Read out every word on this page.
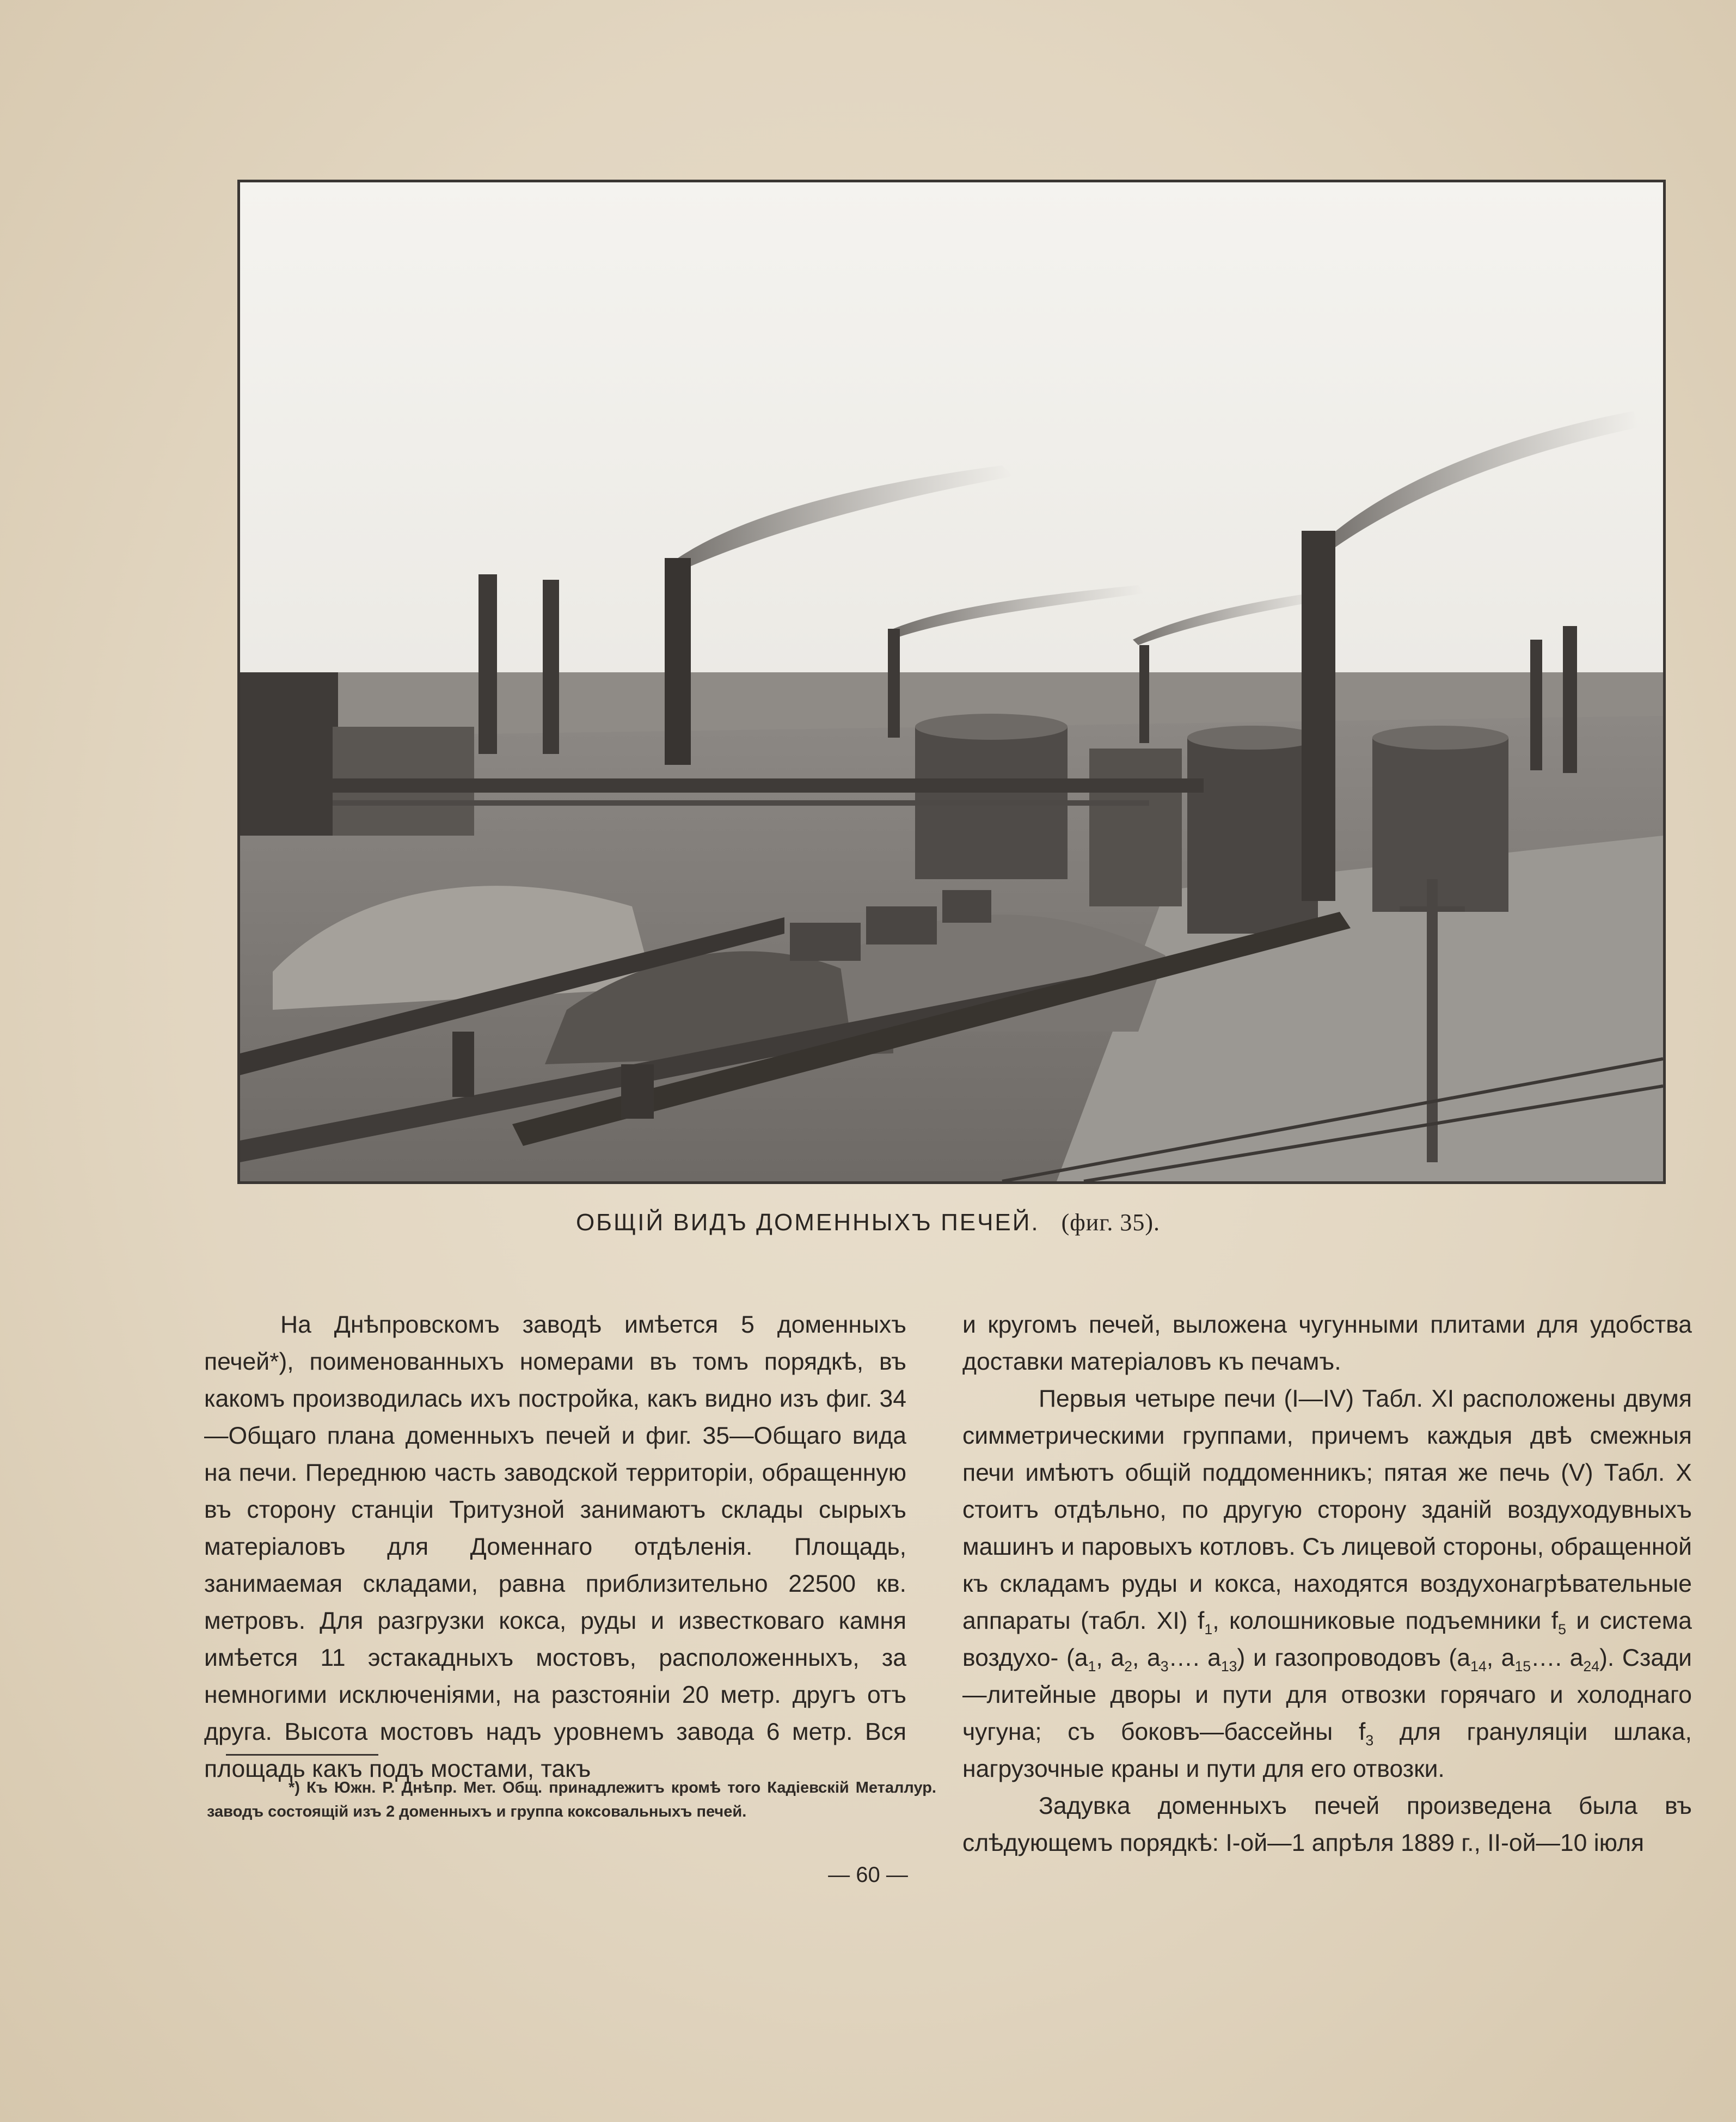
ОБЩІЙ ВИДЪ ДОМЕННЫХЪ ПЕЧЕЙ. (фиг. 35).

На Днѣпровскомъ заводѣ имѣется 5 доменныхъ печей*), поименованныхъ номерами въ томъ порядкѣ, въ какомъ производилась ихъ постройка, какъ видно изъ фиг. 34—Общаго плана доменныхъ печей и фиг. 35—Общаго вида на печи. Переднюю часть заводской территоріи, обращенную въ сторону станціи Тритузной занимаютъ склады сырыхъ матеріаловъ для Доменнаго отдѣленія. Площадь, занимаемая складами, равна приблизительно 22500 кв. метровъ. Для разгрузки кокса, руды и известковаго камня имѣется 11 эстакадныхъ мостовъ, расположенныхъ, за немногими исключеніями, на разстояніи 20 метр. другъ отъ друга. Высота мостовъ надъ уровнемъ завода 6 метр. Вся площадь какъ подъ мостами, такъ

и кругомъ печей, выложена чугунными плитами для удобства доставки матеріаловъ къ печамъ.

Первыя четыре печи (I—IV) Табл. XI расположены двумя симметрическими группами, причемъ каждыя двѣ смежныя печи имѣютъ общій поддоменникъ; пятая же печь (V) Табл. X стоитъ отдѣльно, по другую сторону зданій воздуходувныхъ машинъ и паровыхъ котловъ. Съ лицевой стороны, обращенной къ складамъ руды и кокса, находятся воздухонагрѣвательные аппараты (табл. XI) $f_1$, колошниковые подъемники $f_5$ и система воздухо- ($a_1$, $a_2$, $a_3\dots$. $a_{13}$) и газопроводовъ ($a_{14}$, $a_{15}\dots$. $a_{24}$). Сзади—литейные дворы и пути для отвозки горячаго и холоднаго чугуна; съ боковъ—бассейны $f_3$ для грануляціи шлака, нагрузочные краны и пути для его отвозки.

Задувка доменныхъ печей произведена была въ слѣдующемъ порядкѣ: I-ой—1 апрѣля 1889 г., II-ой—10 іюля

*) Къ Южн. Р. Днѣпр. Мет. Общ. принадлежитъ кромѣ того Кадіевскій Металлур. заводъ состоящій изъ 2 доменныхъ и группа коксовальныхъ печей.

— 60 —
